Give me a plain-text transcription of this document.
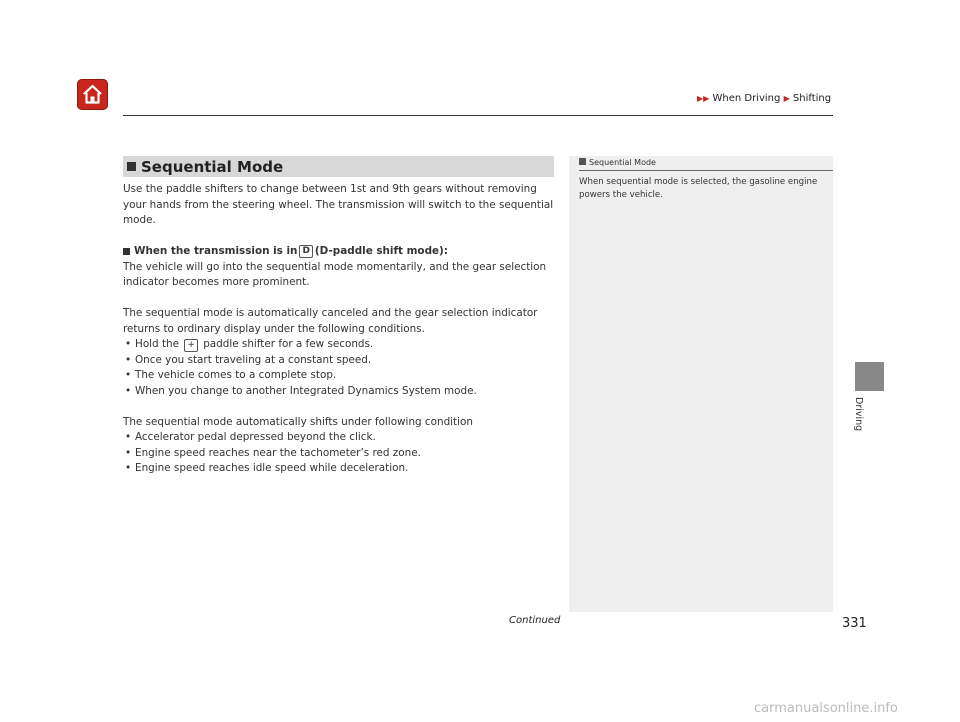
▶▶ When Driving ▶ Shifting
Sequential Mode

Use the paddle shifters to change between 1st and 9th gears without removing your hands from the steering wheel. The transmission will switch to the sequential mode.

When the transmission is in D (D-paddle shift mode):

The vehicle will go into the sequential mode momentarily, and the gear selection indicator becomes more prominent.

The sequential mode is automatically canceled and the gear selection indicator returns to ordinary display under the following conditions.

• Hold the + paddle shifter for a few seconds.
• Once you start traveling at a constant speed.
• The vehicle comes to a complete stop.
• When you change to another Integrated Dynamics System mode.

The sequential mode automatically shifts under following condition

• Accelerator pedal depressed beyond the click.
• Engine speed reaches near the tachometer’s red zone.
• Engine speed reaches idle speed while deceleration.
Sequential Mode
When sequential mode is selected, the gasoline engine powers the vehicle.
Driving
Continued	331
carmanualsonline.info
